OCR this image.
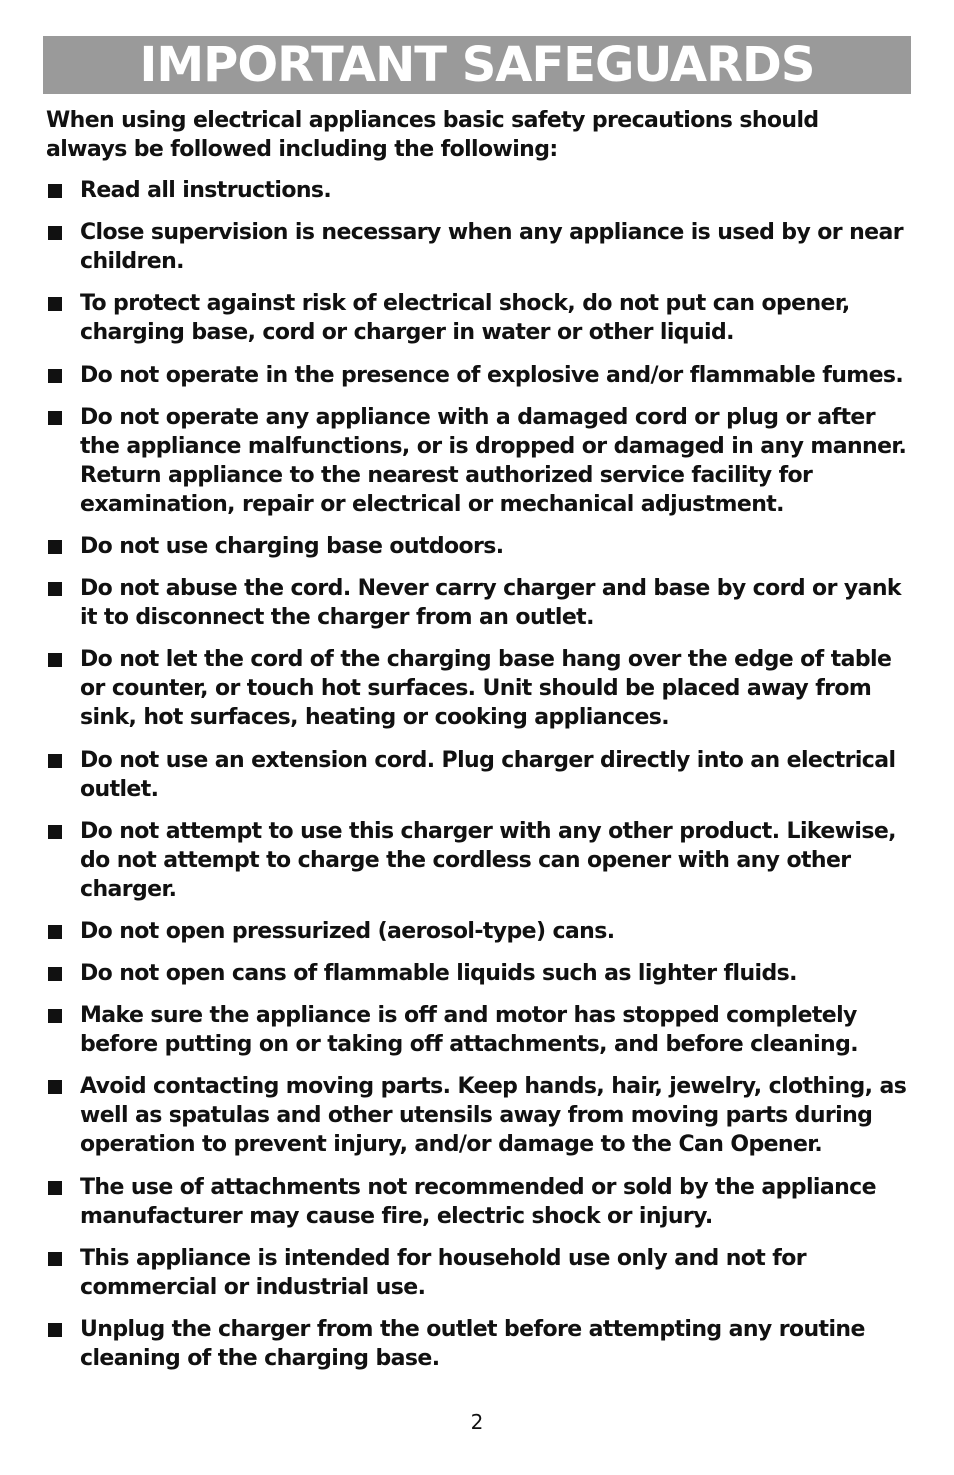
IMPORTANT SAFEGUARDS

When using electrical appliances basic safety precautions should always be followed including the following:

Read all instructions.
Close supervision is necessary when any appliance is used by or near children.
To protect against risk of electrical shock, do not put can opener, charging base, cord or charger in water or other liquid.
Do not operate in the presence of explosive and/or flammable fumes.
Do not operate any appliance with a damaged cord or plug or after the appliance malfunctions, or is dropped or damaged in any manner. Return appliance to the nearest authorized service facility for examination, repair or electrical or mechanical adjustment.
Do not use charging base outdoors.
Do not abuse the cord. Never carry charger and base by cord or yank it to disconnect the charger from an outlet.
Do not let the cord of the charging base hang over the edge of table or counter, or touch hot surfaces. Unit should be placed away from sink, hot surfaces, heating or cooking appliances.
Do not use an extension cord. Plug charger directly into an electrical outlet.
Do not attempt to use this charger with any other product. Likewise, do not attempt to charge the cordless can opener with any other charger.
Do not open pressurized (aerosol-type) cans.
Do not open cans of flammable liquids such as lighter fluids.
Make sure the appliance is off and motor has stopped completely before putting on or taking off attachments, and before cleaning.
Avoid contacting moving parts. Keep hands, hair, jewelry, clothing, as well as spatulas and other utensils away from moving parts during operation to prevent injury, and/or damage to the Can Opener.
The use of attachments not recommended or sold by the appliance manufacturer may cause fire, electric shock or injury.
This appliance is intended for household use only and not for commercial or industrial use.
Unplug the charger from the outlet before attempting any routine cleaning of the charging base.
2
